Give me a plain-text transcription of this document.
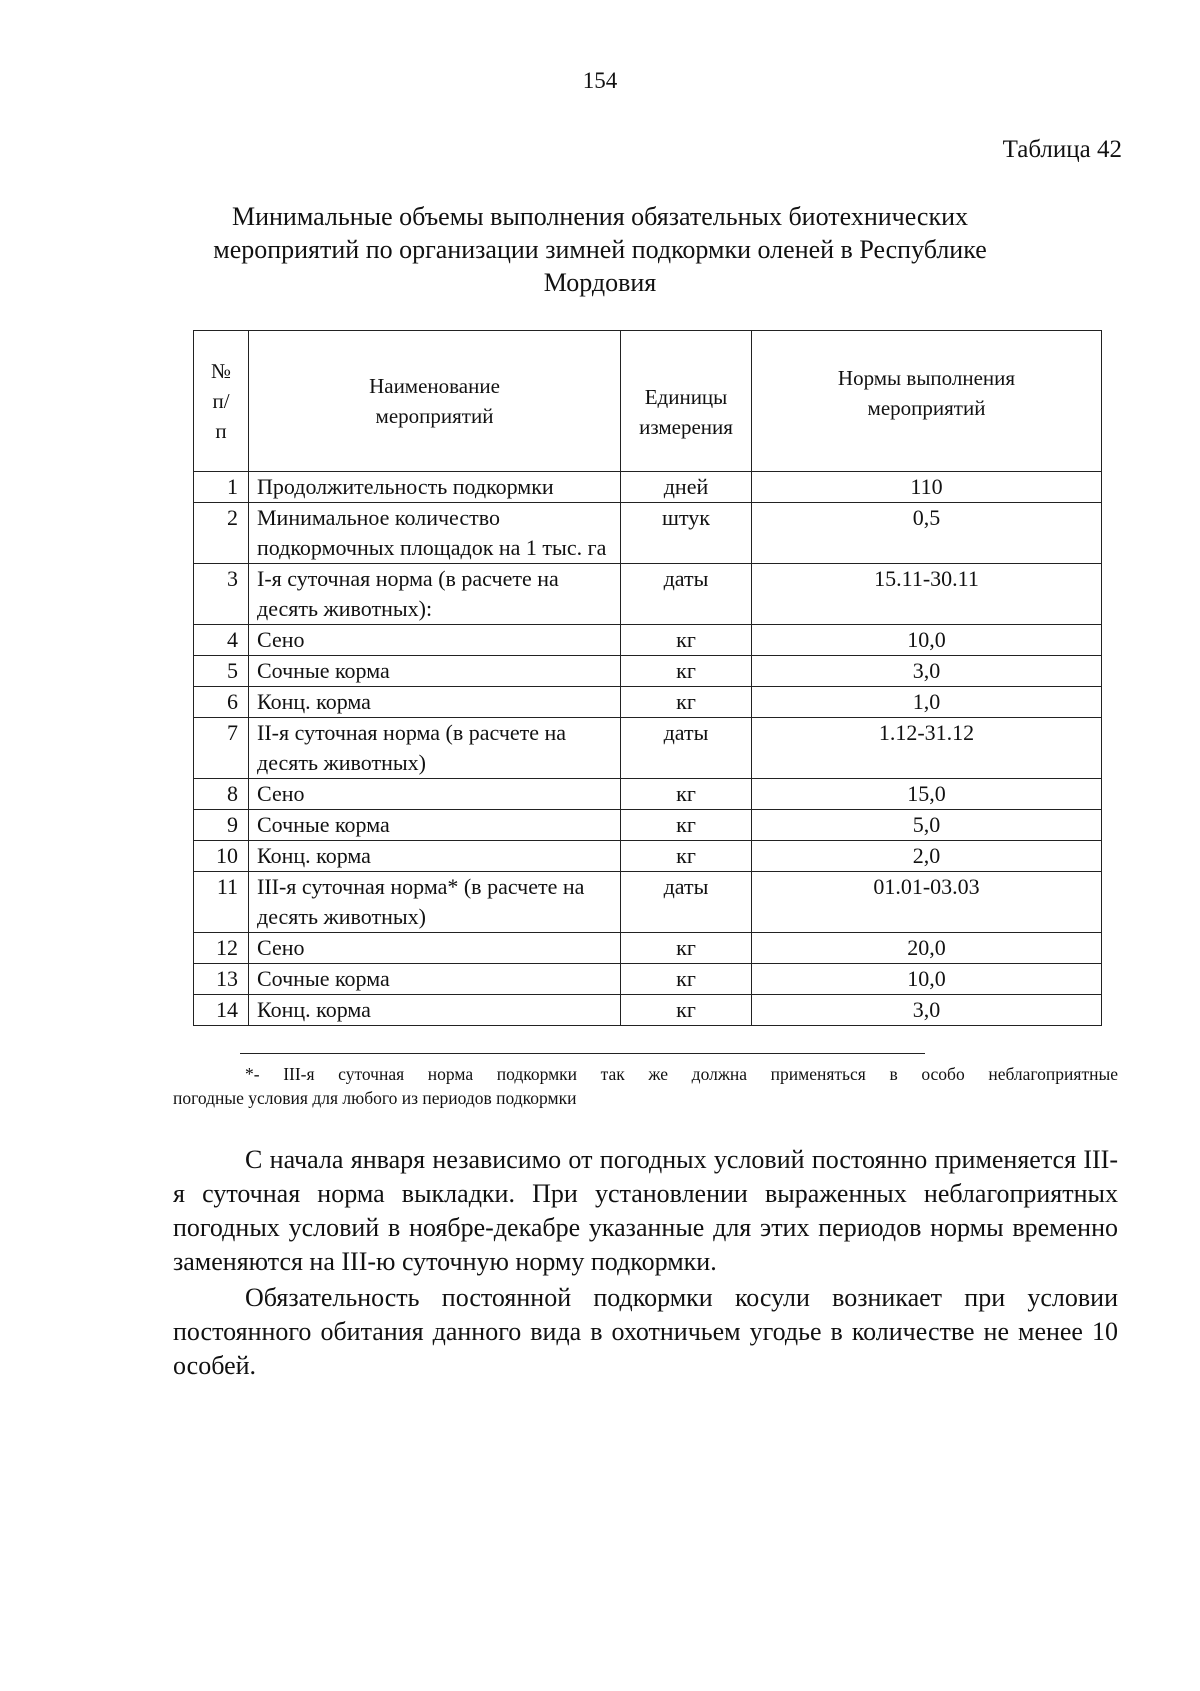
154
Таблица 42
Минимальные объемы выполнения обязательных биотехнических мероприятий по организации зимней подкормки оленей в Республике Мордовия
№ п/п	Наименование мероприятий	Единицы измерения	Нормы выполнения мероприятий
1	Продолжительность подкормки	дней	110
2	Минимальное количество подкормочных площадок на 1 тыс. га	штук	0,5
3	I-я суточная норма (в расчете на десять животных):	даты	15.11-30.11
4	Сено	кг	10,0
5	Сочные корма	кг	3,0
6	Конц. корма	кг	1,0
7	II-я суточная норма (в расчете на десять животных)	даты	1.12-31.12
8	Сено	кг	15,0
9	Сочные корма	кг	5,0
10	Конц. корма	кг	2,0
11	III-я суточная норма* (в расчете на десять животных)	даты	01.01-03.03
12	Сено	кг	20,0
13	Сочные корма	кг	10,0
14	Конц. корма	кг	3,0
*- III-я суточная норма подкормки так же должна применяться в особо неблагоприятные
погодные условия для любого из периодов подкормки

С начала января независимо от погодных условий постоянно применяется III-я суточная норма выкладки. При установлении выраженных неблагоприятных погодных условий в ноябре-декабре указанные для этих периодов нормы временно заменяются на III-ю суточную норму подкормки.

Обязательность постоянной подкормки косули возникает при условии постоянного обитания данного вида в охотничьем угодье в количестве не менее 10 особей.
